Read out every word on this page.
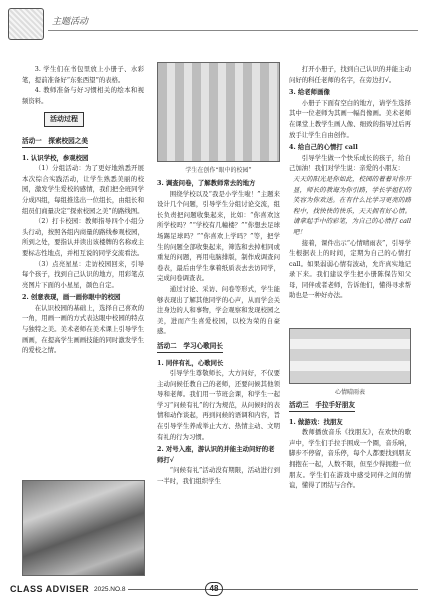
主题活动

3. 学生们在书包里放上小册子、水彩笔，提前准备好“东张西望”的表格。

4. 教师准备与好习惯相关的绘本和视频资料。

活动过程 活动一　探索校园之美
1. 认识学校，参观校园

（1）分组活动：为了更好地熟悉开展本次综合实践活动，让学生熟悉美丽的校园，激发学生爱校的感情，我们把全班同学分成四组，每组推选出一位组长，由组长和组员们商量决定“探索校园之美”的路线图。

（2）打卡校园：教师指导四个小组分头行动，按照各组内商量的路线参观校园，所到之处，要指认并读出该楼牌的名称或主要标志性地点，并相互说的同学交流看法。

（3）点亮星星：走访校园回来，引导每个孩子，找到自己认识的地方，用彩笔点亮图片下面的小星星，颜色自定。

2. 创意表现，画一画你眼中的校园

在认识校园的基础上，选择自己喜欢的一角，用画一画的方式表达眼中校园的特点与独特之美。美术老师在美术课上引导学生画画，在提高学生画画技能的同时激发学生的爱校之情。

学生在创作“眼中的校园”
3. 调查问卷，了解教师常去的地方

围绕学校以及“我是小学生啦！”主题来设计几个问题，引导学生分组讨论交流，组长负责把问题收集起来，比如：“你喜欢这所学校吗？”“学校有几幢楼？”“你想去足球场踢足球吗？”“你喜欢上学吗？”等，把学生的问题全部收集起来，筛选和去掉相同或重复的问题，再用电脑排版，制作成调查问卷表，最后由学生拿着纸质表去去访同学，完成问卷调查表。

通过讨论、采访、问卷等形式，学生能够表现出了解其他同学的心声，从而学会关注身边的人和事物，学会观察和发现校园之美，进而产生喜爱校园，以校为荣的自豪感。

活动二　学习心歌同长
1. 同伴有礼，心歌同长

引导学生尊敬师长，大方问好，不仅要主动问候任教自己的老师，还要问候其他领导和老师。我们用一节班会课，和学生一起学习“问候有礼”的行为规范，从问候时的表情和动作谈起，再到问候的语调和内容，旨在引导学生养成举止大方、热情主动、文明有礼的行为习惯。

2. 对号入座，游认识的并能主动问好的老师打√

“问候有礼”活动没有期限，活动进行到一半时，我们组织学生

打开小册子，找到自己认识的并能主动问好的科任老师的名字，在旁边打√。

3. 给老师画像

小册子下面有空白的地方，请学生选择其中一位老师为其画一幅肖像画。美术老师在课堂上教学生画人像、细致的指导过后再放手让学生自由创作。

4. 给自己的心情打 call

引导学生做一个快乐成长的孩子，给自己加油！我们对学生说：亲爱的小朋友：

天天的阳光是你如此，校园的着着对你开显，师长的教诲为你引路，学长学姐们的笑容为你欢送。在有什么比学习更亮的路程中，找快快的快乐，天天拥有好心情。请拿起手中的彩笔，为自己的心情打 call 吧！

接着，课件出示“心情晴雨表”，引导学生根据表上的时间，定期为自己的心情打 call。如果弱弱心情有波动，允许真实地记录下来。我们建议学生把小册陈保告知父母，同伴或者老师，告诉他们，懂得寻求帮助也是一种好办法。

心情晴雨表
活动三　手拉手好朋友
1. 做游戏：找朋友

教师播放音乐《找朋友》，在欢快的歌声中，学生们手拉手围成一个圈，音乐响，脚步不停留，音乐停，每个人都要找到朋友拥抱在一起，人数不限，但至少得拥抱一位朋友。学生们在游戏中感受同伴之间的情谊，懂得了团结与合作。

CLASS ADVISER 2025.NO.8	48
